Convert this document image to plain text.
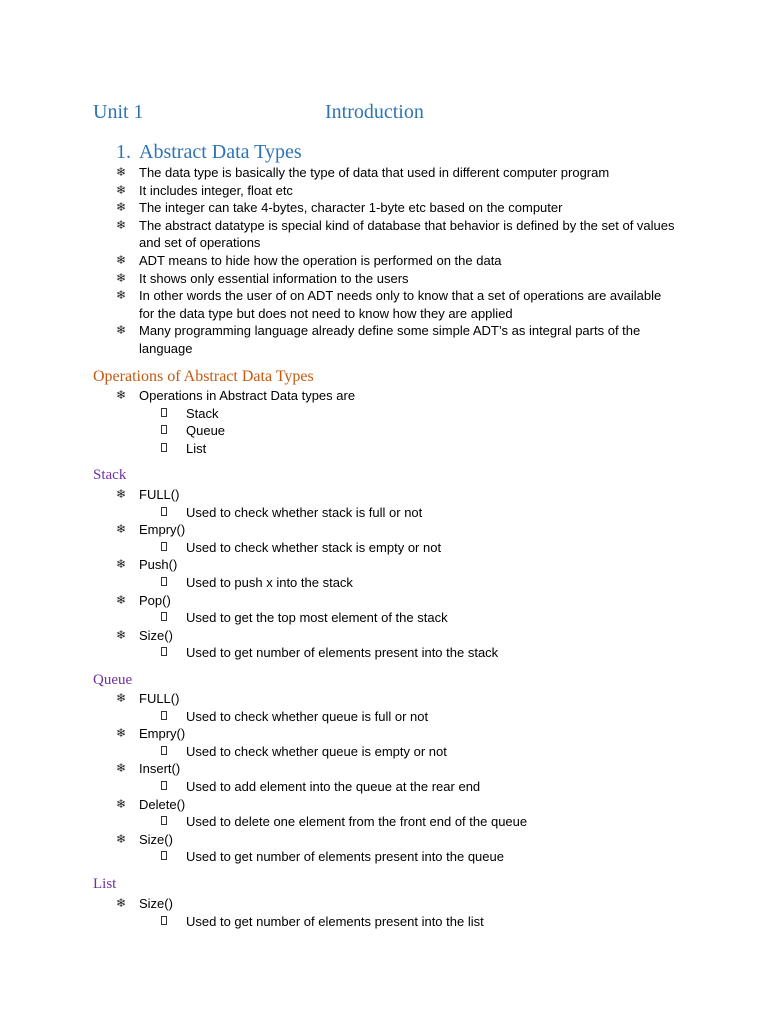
Unit 1	Introduction
1. Abstract Data Types
❄ The data type is basically the type of data that used in different computer program
❄ It includes integer, float etc
❄ The integer can take 4-bytes, character 1-byte etc based on the computer
❄ The abstract datatype is special kind of database that behavior is defined by the set of values and set of operations
❄ ADT means to hide how the operation is performed on the data
❄ It shows only essential information to the users
❄ In other words the user of on ADT needs only to know that a set of operations are available for the data type but does not need to know how they are applied
❄ Many programming language already define some simple ADT’s as integral parts of the language
Operations of Abstract Data Types
❄ Operations in Abstract Data types are
Stack
Queue
List
Stack
❄ FULL()
Used to check whether stack is full or not
❄ Empry()
Used to check whether stack is empty or not
❄ Push()
Used to push x into the stack
❄ Pop()
Used to get the top most element of the stack
❄ Size()
Used to get number of elements present into the stack
Queue
❄ FULL()
Used to check whether queue is full or not
❄ Empry()
Used to check whether queue is empty or not
❄ Insert()
Used to add element into the queue at the rear end
❄ Delete()
Used to delete one element from the front end of the queue
❄ Size()
Used to get number of elements present into the queue
List
❄ Size()
Used to get number of elements present into the list
